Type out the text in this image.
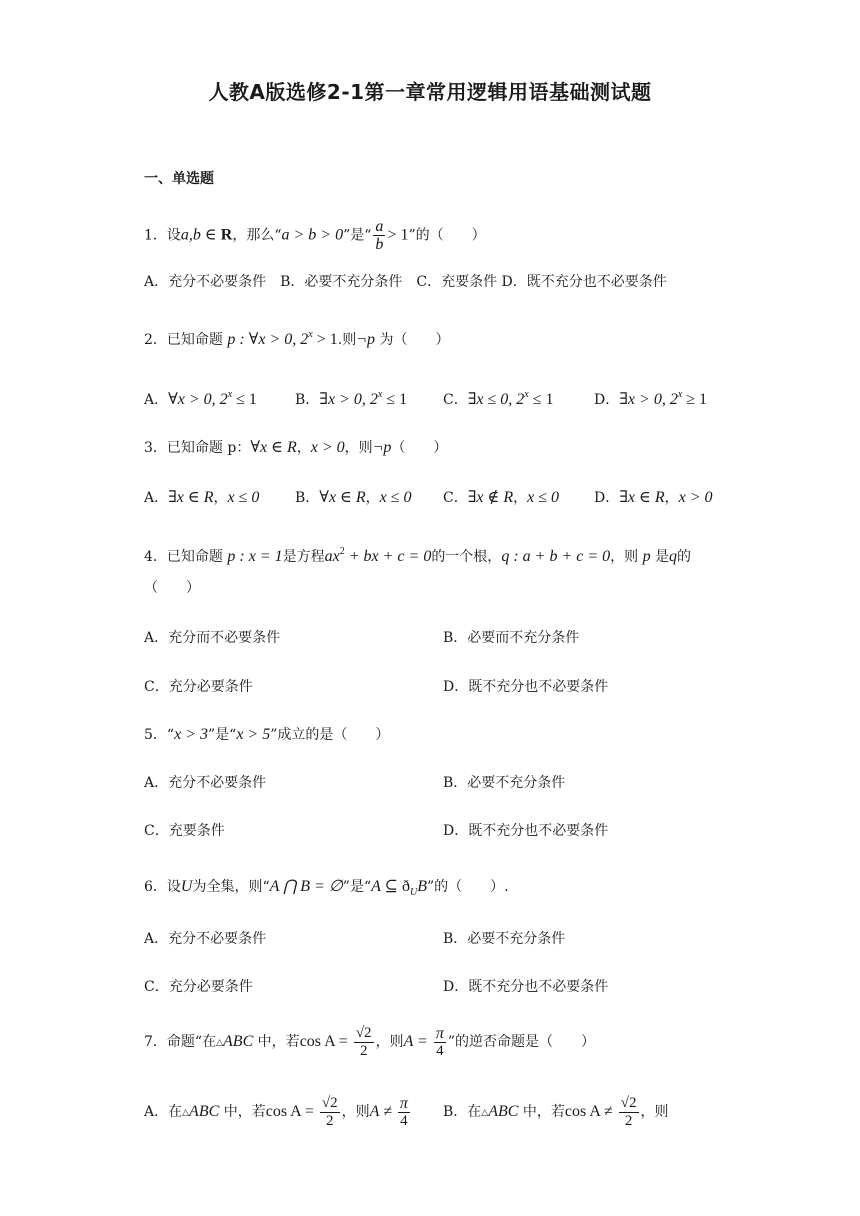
人教A版选修2-1第一章常用逻辑用语基础测试题
一、单选题
1．设a,b ∈ R，那么“a > b > 0”是“ $\frac{a}{b} > 1$”的（　　）
A．充分不必要条件　B．必要不充分条件　C．充要条件 D．既不充分也不必要条件
2．已知命题 p : ∀x > 0, $2^x > 1$.则¬p 为（　　）
A．∀x > 0, $2^x \le 1$	B．∃x > 0, $2^x \le 1$	C．∃x ≤ 0, $2^x \le 1$	D．∃x > 0, $2^x \ge 1$
3．已知命题 p：∀x ∈ R，x > 0，则¬p（　　）
A．∃x ∈ R，x ≤ 0	B．∀x ∈ R，x ≤ 0 C．∃x ∉ R，x ≤ 0 D．∃x ∈ R，x > 0
4．已知命题 p : x = 1是方程$ax^2$ + bx + c = 0的一个根，q : a + b + c = 0，则 p 是q的
（　　）
A．充分而不必要条件	B．必要而不充分条件
C．充分必要条件	D．既不充分也不必要条件
5．“x > 3”是“x > 5”成立的是（　　）
A．充分不必要条件	B．必要不充分条件
C．充要条件	D．既不充分也不必要条件
6．设U为全集，则“A ⋂ B = ∅”是“A ⊆ $ð_UB$”的（　　）.
A．充分不必要条件	B．必要不充分条件
C．充分必要条件	D．既不充分也不必要条件
7．命题“在△ABC 中，若$\cos A = \frac{√2}{2}$ ，则$A = \frac{\pi}{4}$ ”的逆否命题是（　　）
A．在△ABC 中，若$\cos A = \frac{√2}{2}$ ，则$A \ne \frac{\pi}{4}$ B．在△ABC 中，若$\cos A \ne \frac{√2}{2}$ ，则
